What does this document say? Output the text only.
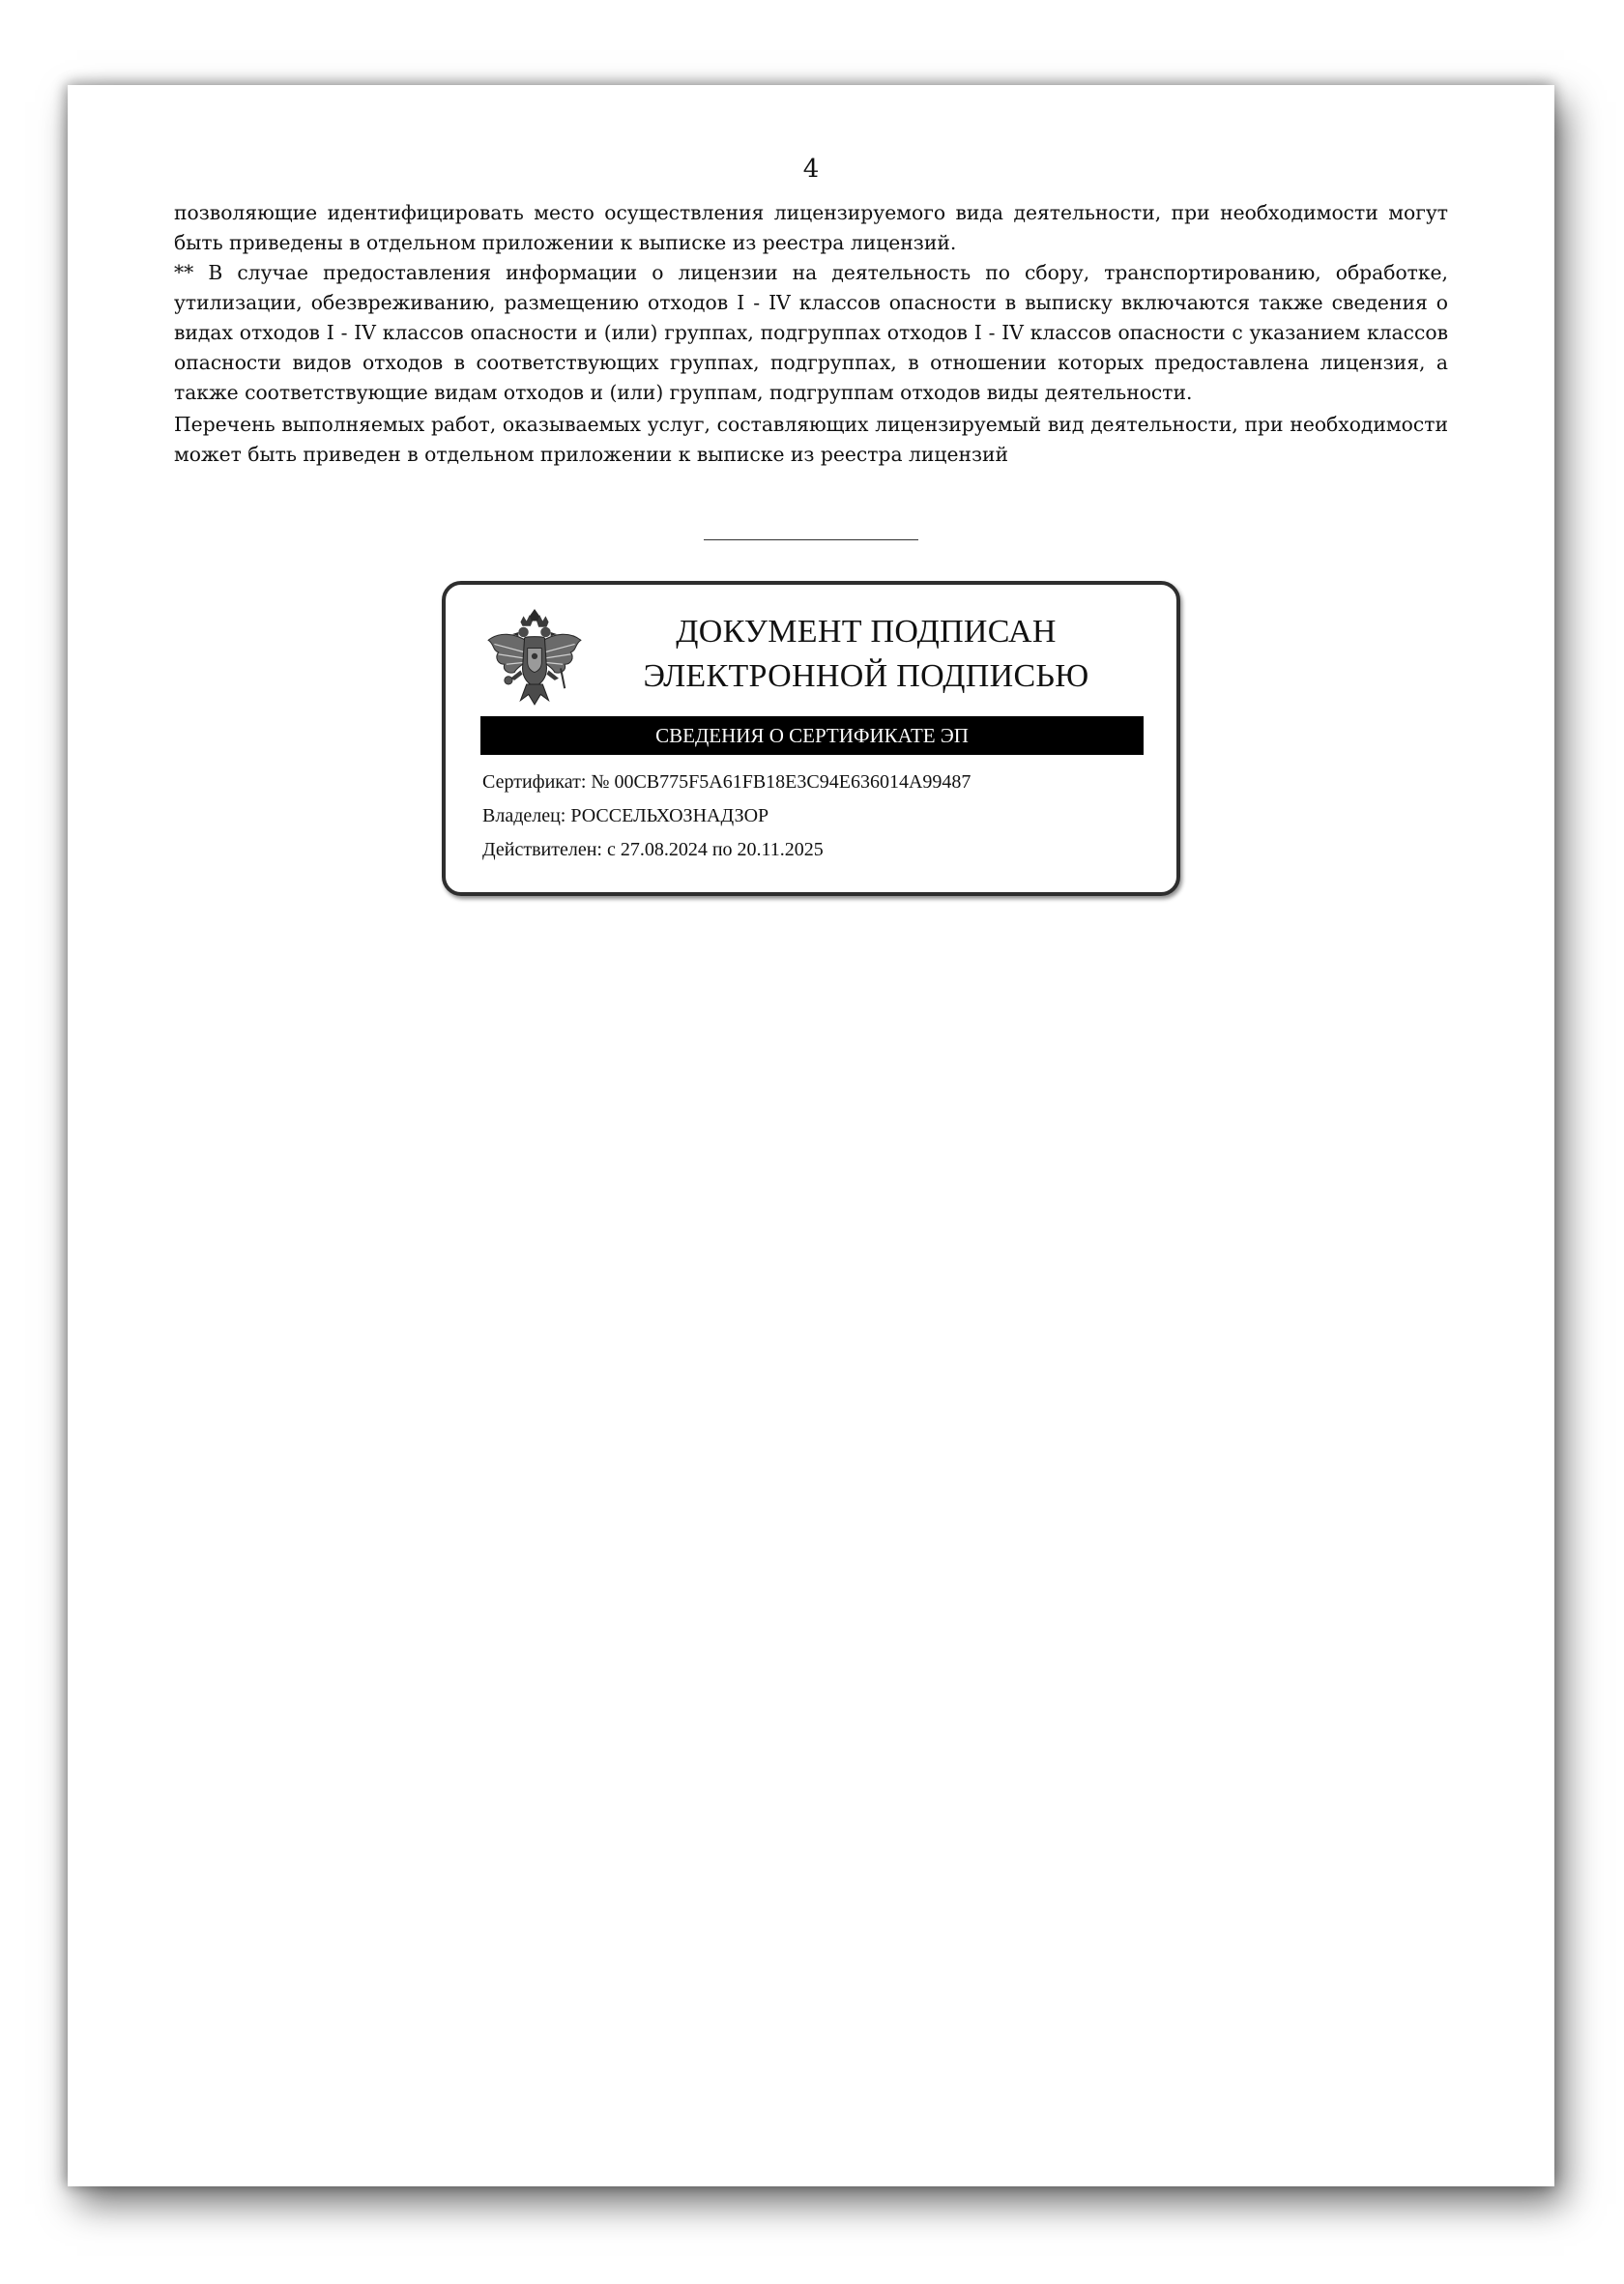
4

позволяющие идентифицировать место осуществления лицензируемого вида деятельности, при необходимости могут быть приведены в отдельном приложении к выписке из реестра лицензий.

** В случае предоставления информации о лицензии на деятельность по сбору, транспортированию, обработке, утилизации, обезвреживанию, размещению отходов I - IV классов опасности в выписку включаются также сведения о видах отходов I - IV классов опасности и (или) группах, подгруппах отходов I - IV классов опасности с указанием классов опасности видов отходов в соответствующих группах, подгруппах, в отношении которых предоставлена лицензия, а также соответствующие видам отходов и (или) группам, подгруппам отходов виды деятельности.

Перечень выполняемых работ, оказываемых услуг, составляющих лицензируемый вид деятельности, при необходимости может быть приведен в отдельном приложении к выписке из реестра лицензий

ДОКУМЕНТ ПОДПИСАН
ЭЛЕКТРОННОЙ ПОДПИСЬЮ
СВЕДЕНИЯ О СЕРТИФИКАТЕ ЭП
Сертификат: № 00CB775F5A61FB18E3C94E636014A99487
Владелец: РОССЕЛЬХОЗНАДЗОР
Действителен: с 27.08.2024 по 20.11.2025
